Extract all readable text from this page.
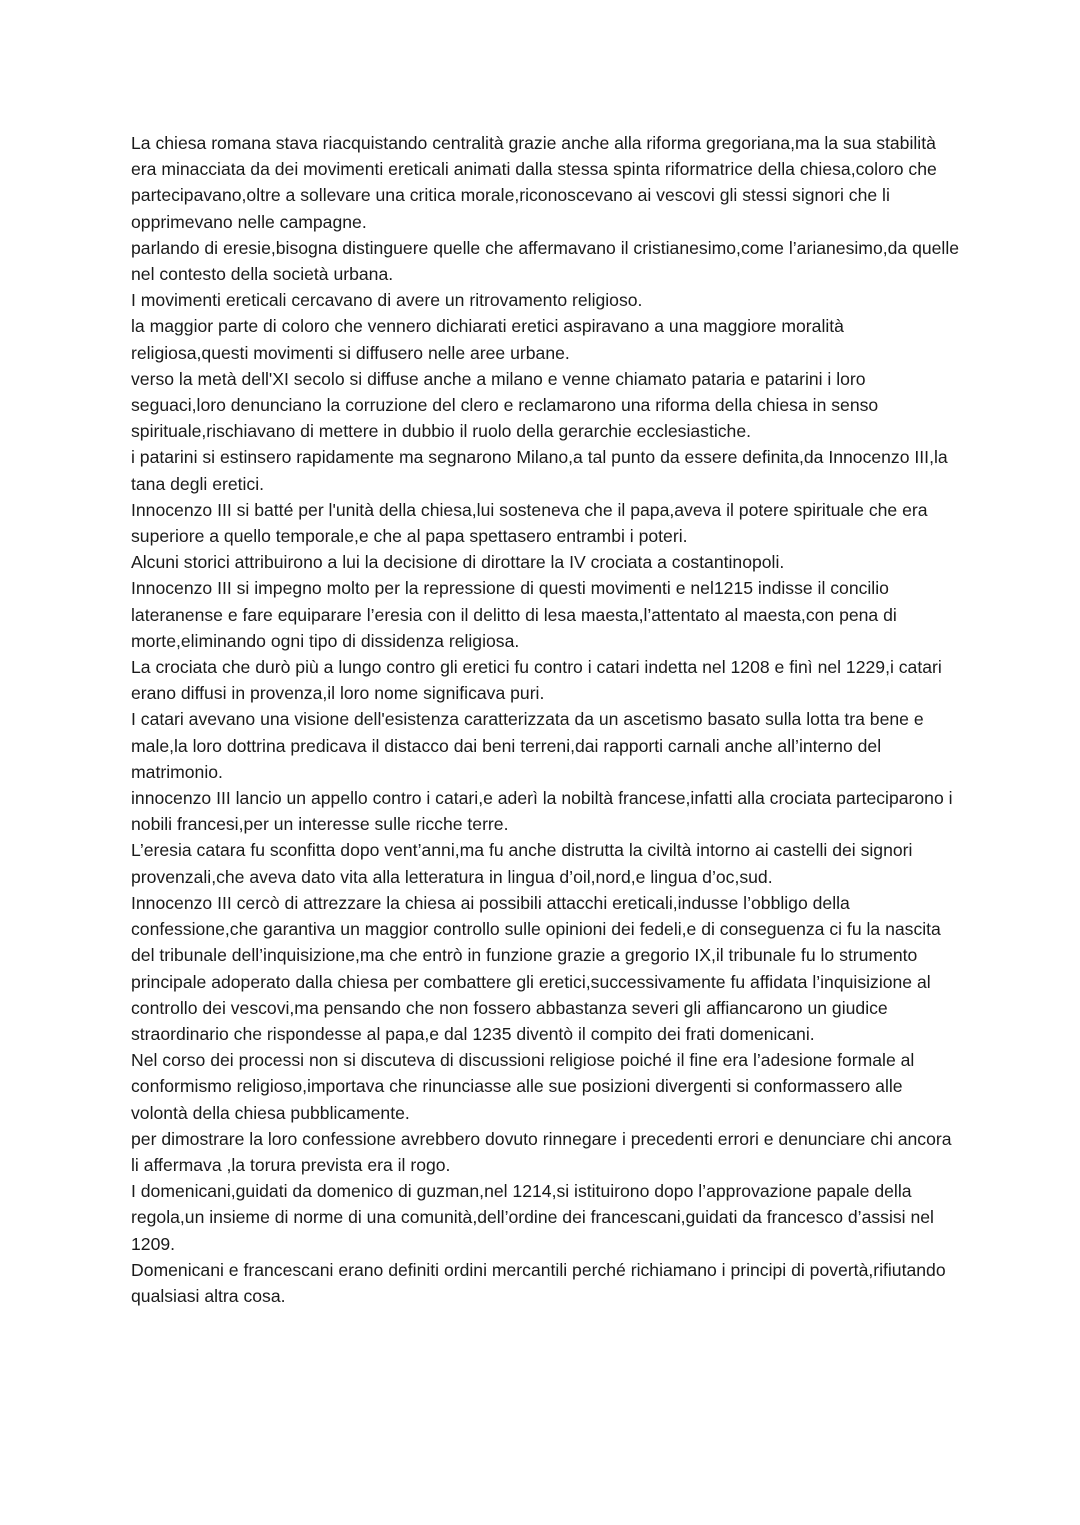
La chiesa romana stava riacquistando centralità grazie anche alla riforma gregoriana,ma la sua stabilità era minacciata da dei movimenti ereticali animati dalla stessa spinta riformatrice della chiesa,coloro che partecipavano,oltre a sollevare una critica morale,riconoscevano ai vescovi gli stessi signori che li opprimevano nelle campagne.

parlando di eresie,bisogna distinguere quelle che affermavano il cristianesimo,come l’arianesimo,da quelle nel contesto della società urbana.

I movimenti ereticali cercavano di avere un ritrovamento religioso.

la maggior parte di coloro che vennero dichiarati eretici aspiravano a una maggiore moralità religiosa,questi movimenti si diffusero nelle aree urbane.

verso la metà dell'XI secolo si diffuse anche a milano e venne chiamato pataria e patarini i loro seguaci,loro denunciano la corruzione del clero e reclamarono una riforma della chiesa in senso spirituale,rischiavano di mettere in dubbio il ruolo della gerarchie ecclesiastiche.

i patarini si estinsero rapidamente ma segnarono Milano,a tal punto da essere definita,da Innocenzo III,la tana degli eretici.

Innocenzo III si batté per l'unità della chiesa,lui sosteneva che il papa,aveva il potere spirituale che era superiore a quello temporale,e che al papa spettasero entrambi i poteri.

Alcuni storici attribuirono a lui la decisione di dirottare la IV crociata a costantinopoli.

Innocenzo III si impegno molto per la repressione di questi movimenti e nel1215 indisse il concilio lateranense e fare equiparare l’eresia con il delitto di lesa maesta,l’attentato al maesta,con pena di morte,eliminando ogni tipo di dissidenza religiosa.

La crociata che durò più a lungo contro gli eretici fu contro i catari indetta nel 1208 e finì nel 1229,i catari erano diffusi in provenza,il loro nome significava puri.

I catari avevano una visione dell'esistenza caratterizzata da un ascetismo basato sulla lotta tra bene e male,la loro dottrina predicava il distacco dai beni terreni,dai rapporti carnali anche all’interno del matrimonio.

innocenzo III lancio un appello contro i catari,e aderì la nobiltà francese,infatti alla crociata parteciparono i nobili francesi,per un interesse sulle ricche terre.

L’eresia catara fu sconfitta dopo vent’anni,ma fu anche distrutta la civiltà intorno ai castelli dei signori provenzali,che aveva dato vita alla letteratura in lingua d’oil,nord,e lingua d’oc,sud.

Innocenzo III cercò di attrezzare la chiesa ai possibili attacchi ereticali,indusse l’obbligo della confessione,che garantiva un maggior controllo sulle opinioni dei fedeli,e di conseguenza ci fu la nascita del tribunale dell’inquisizione,ma che entrò in funzione grazie a gregorio IX,il tribunale fu lo strumento principale adoperato dalla chiesa per combattere gli eretici,successivamente fu affidata l’inquisizione al controllo dei vescovi,ma pensando che non fossero abbastanza severi gli affiancarono un giudice straordinario che rispondesse al papa,e dal 1235 diventò il compito dei frati domenicani.

Nel corso dei processi non si discuteva di discussioni religiose poiché il fine era l’adesione formale al conformismo religioso,importava che rinunciasse alle sue posizioni divergenti si conformassero alle volontà della chiesa pubblicamente.

per dimostrare la loro confessione avrebbero dovuto rinnegare i precedenti errori e denunciare chi ancora li affermava ,la torura prevista era il rogo.

I domenicani,guidati da domenico di guzman,nel 1214,si istituirono dopo l’approvazione papale della regola,un insieme di norme di una comunità,dell’ordine dei francescani,guidati da francesco d’assisi nel 1209.

Domenicani e francescani erano definiti ordini mercantili perché richiamano i principi di povertà,rifiutando qualsiasi altra cosa.
